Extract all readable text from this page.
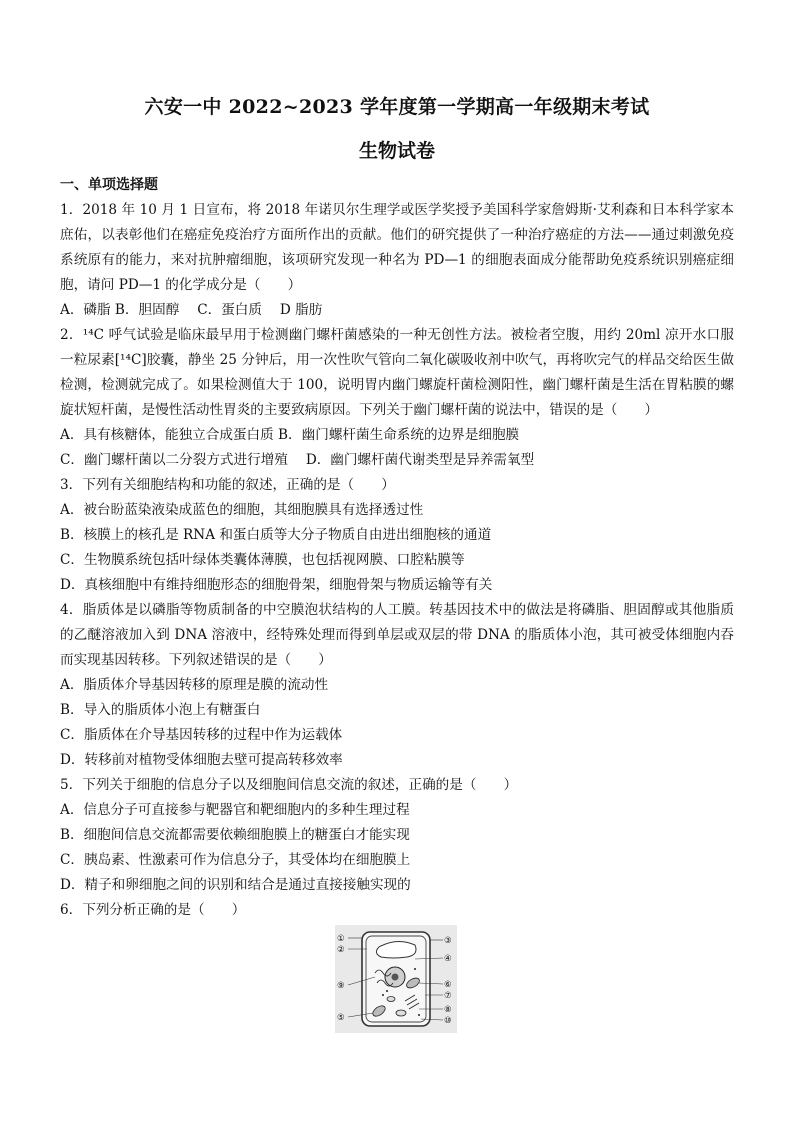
六安一中 2022~2023 学年度第一学期高一年级期末考试
生物试卷
一、单项选择题

1．2018 年 10 月 1 日宣布，将 2018 年诺贝尔生理学或医学奖授予美国科学家詹姆斯·艾利森和日本科学家本庶佑，以表彰他们在癌症免疫治疗方面所作出的贡献。他们的研究提供了一种治疗癌症的方法——通过刺激免疫系统原有的能力，来对抗肿瘤细胞，该项研究发现一种名为 PD—1 的细胞表面成分能帮助免疫系统识别癌症细胞，请问 PD—1 的化学成分是（　　）

A．磷脂 B．胆固醇　 C．蛋白质　 D 脂肪

2．¹⁴C 呼气试验是临床最早用于检测幽门螺杆菌感染的一种无创性方法。被检者空腹，用约 20ml 凉开水口服一粒尿素[¹⁴C]胶囊，静坐 25 分钟后，用一次性吹气管向二氧化碳吸收剂中吹气，再将吹完气的样品交给医生做检测，检测就完成了。如果检测值大于 100，说明胃内幽门螺旋杆菌检测阳性，幽门螺杆菌是生活在胃粘膜的螺旋状短杆菌，是慢性活动性胃炎的主要致病原因。下列关于幽门螺杆菌的说法中，错误的是（　　）

A．具有核糖体，能独立合成蛋白质 B．幽门螺杆菌生命系统的边界是细胞膜
C．幽门螺杆菌以二分裂方式进行增殖　 D．幽门螺杆菌代谢类型是异养需氧型

3．下列有关细胞结构和功能的叙述，正确的是（　　）

A．被台盼蓝染液染成蓝色的细胞，其细胞膜具有选择透过性
B．核膜上的核孔是 RNA 和蛋白质等大分子物质自由进出细胞核的通道
C．生物膜系统包括叶绿体类囊体薄膜，也包括视网膜、口腔粘膜等
D．真核细胞中有维持细胞形态的细胞骨架，细胞骨架与物质运输等有关

4．脂质体是以磷脂等物质制备的中空膜泡状结构的人工膜。转基因技术中的做法是将磷脂、胆固醇或其他脂质的乙醚溶液加入到 DNA 溶液中，经特殊处理而得到单层或双层的带 DNA 的脂质体小泡，其可被受体细胞内吞而实现基因转移。下列叙述错误的是（　　）

A．脂质体介导基因转移的原理是膜的流动性
B．导入的脂质体小泡上有糖蛋白
C．脂质体在介导基因转移的过程中作为运载体
D．转移前对植物受体细胞去壁可提高转移效率

5．下列关于细胞的信息分子以及细胞间信息交流的叙述，正确的是（　　）

A．信息分子可直接参与靶器官和靶细胞内的多种生理过程
B．细胞间信息交流都需要依赖细胞膜上的糖蛋白才能实现
C．胰岛素、性激素可作为信息分子，其受体均在细胞膜上
D．精子和卵细胞之间的识别和结合是通过直接接触实现的

6．下列分析正确的是（　　）

①
②
③
④
⑤
⑥
⑦
⑧
⑨
⑩
